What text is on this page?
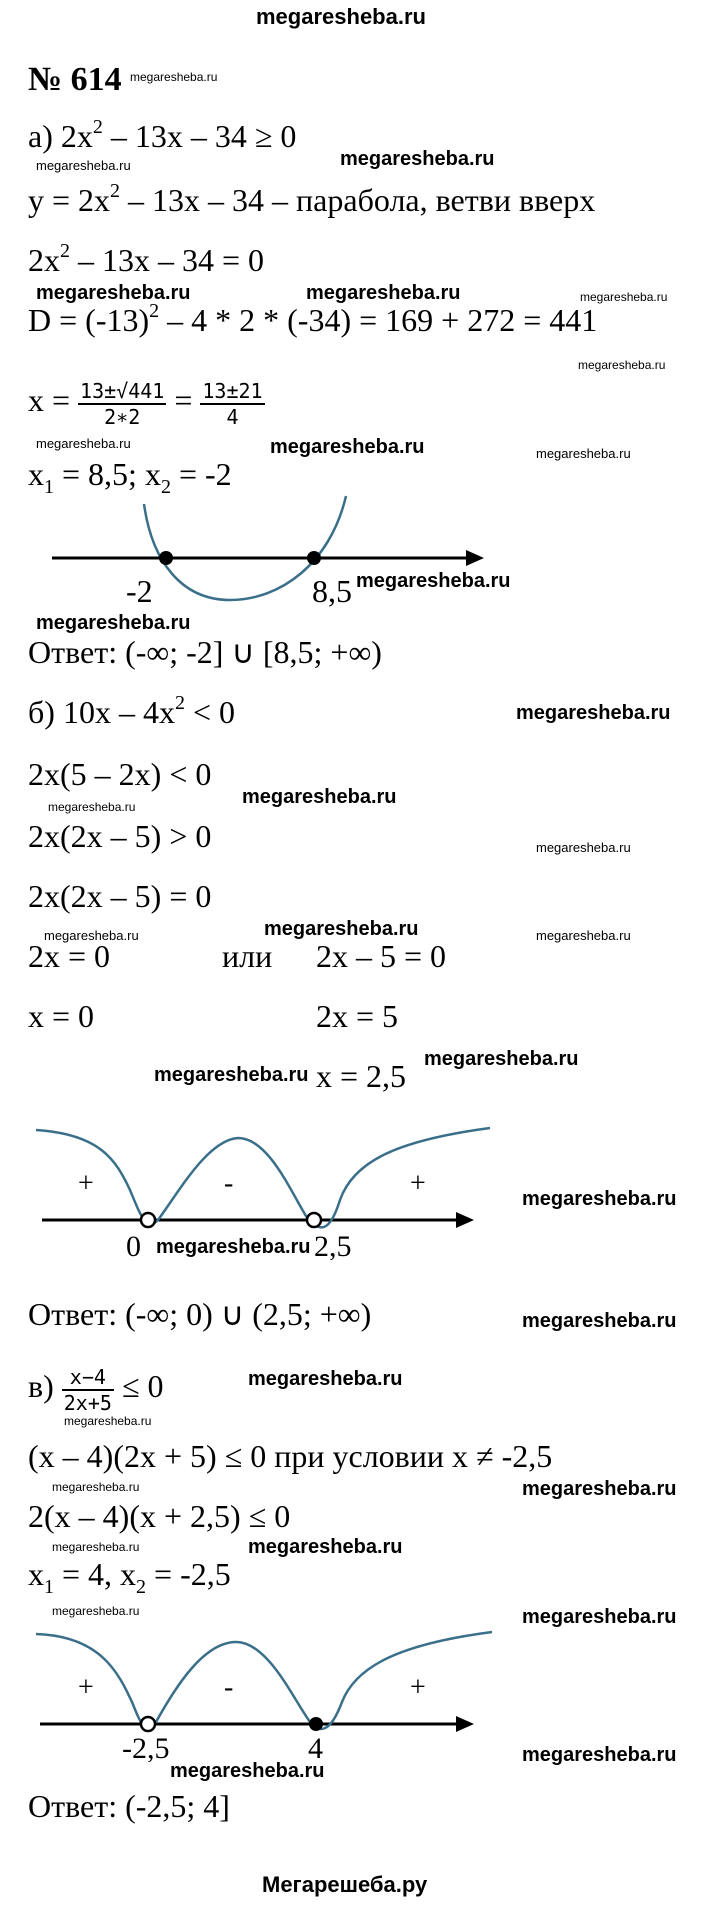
megaresheba.ru
Мегарешеба.ру
№ 614 megaresheba.ru
а) $2x^2 - 13x - 34 \ge 0$
megaresheba.ru	megaresheba.ru
$y = 2x^2 - 13x - 34$ – парабола, ветви вверх
$2x^2 - 13x - 34 = 0$
megaresheba.ru	megaresheba.ru	megaresheba.ru
$D = (-13)^2 - 4 * 2 * (-34) = 169 + 272 = 441$
megaresheba.ru
$x = \frac{13\pm√441}{2∗2} = \frac{13\pm 21}{4}$
megaresheba.ru	megaresheba.ru	megaresheba.ru
$x_1 = 8,5$; $x_2 = -2$
-2	8,5 megaresheba.ru
megaresheba.ru
Ответ: (-∞; -2] ∪ [8,5; +∞)
б) $10x - 4x^2 < 0$	megaresheba.ru
2x(5 – 2x) < 0
megaresheba.ru	megaresheba.ru
2x(2x – 5) > 0	megaresheba.ru
2x(2x – 5) = 0
megaresheba.ru	megaresheba.ru	megaresheba.ru
2x = 0	или 2x – 5 = 0
x = 0	2x = 5
megaresheba.ru x = 2,5 megaresheba.ru
+	-	+
0	2,5
megaresheba.ru
megaresheba.ru
Ответ: (-∞; 0) ∪ (2,5; +∞)	megaresheba.ru
$в) \frac{x-4}{2x+5} \le 0$	megaresheba.ru
megaresheba.ru
(x – 4)(2x + 5) ≤ 0 при условии x ≠ -2,5
megaresheba.ru	megaresheba.ru
2(x – 4)(x + 2,5) ≤ 0
megaresheba.ru	megaresheba.ru
$x_1 = 4$, $x_2 = -2,5$
megaresheba.ru	megaresheba.ru
+	-	+
-2,5	4	megaresheba.ru
megaresheba.ru
Ответ: (-2,5; 4]
